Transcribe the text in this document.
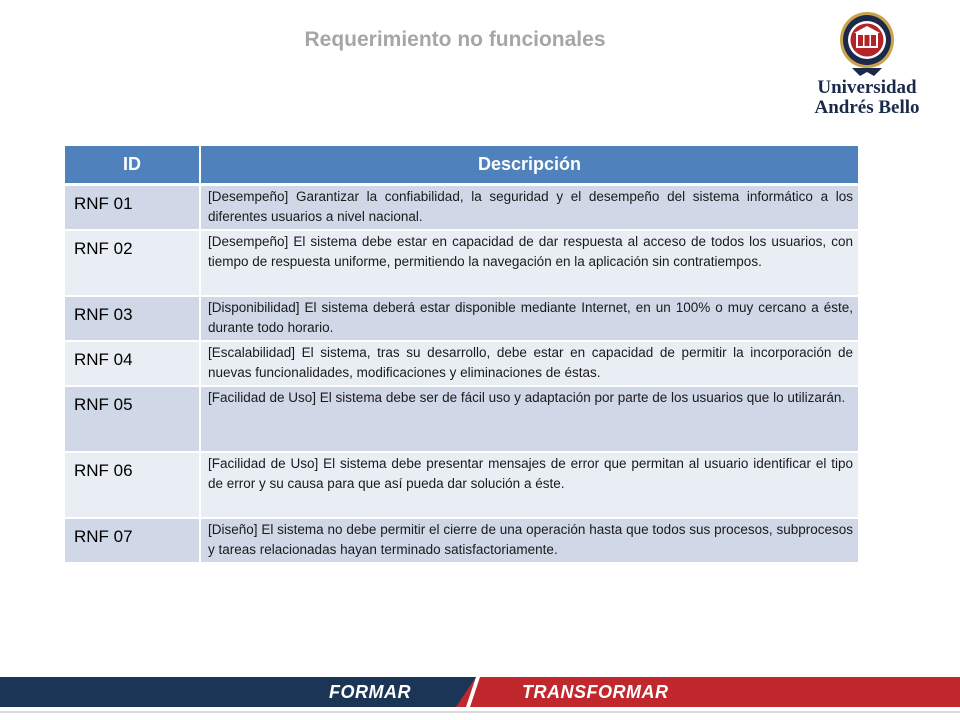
Requerimiento no funcionales
Universidad
Andrés Bello
ID	Descripción

RNF 01	[Desempeño] Garantizar la confiabilidad, la seguridad y el desempeño del sistema informático a los diferentes usuarios a nivel nacional.

RNF 02	[Desempeño] El sistema debe estar en capacidad de dar respuesta al acceso de todos los usuarios, con tiempo de respuesta uniforme, permitiendo la navegación en la aplicación sin contratiempos.

RNF 03	[Disponibilidad] El sistema deberá estar disponible mediante Internet, en un 100% o muy cercano a éste, durante todo horario.

RNF 04	[Escalabilidad] El sistema, tras su desarrollo, debe estar en capacidad de permitir la incorporación de nuevas funcionalidades, modificaciones y eliminaciones de éstas.

RNF 05	[Facilidad de Uso] El sistema debe ser de fácil uso y adaptación por parte de los usuarios que lo utilizarán.

RNF 06	[Facilidad de Uso] El sistema debe presentar mensajes de error que permitan al usuario identificar el tipo de error y su causa para que así pueda dar solución a éste.

RNF 07	[Diseño] El sistema no debe permitir el cierre de una operación hasta que todos sus procesos, subprocesos y tareas relacionadas hayan terminado satisfactoriamente.
FORMAR	TRANSFORMAR
